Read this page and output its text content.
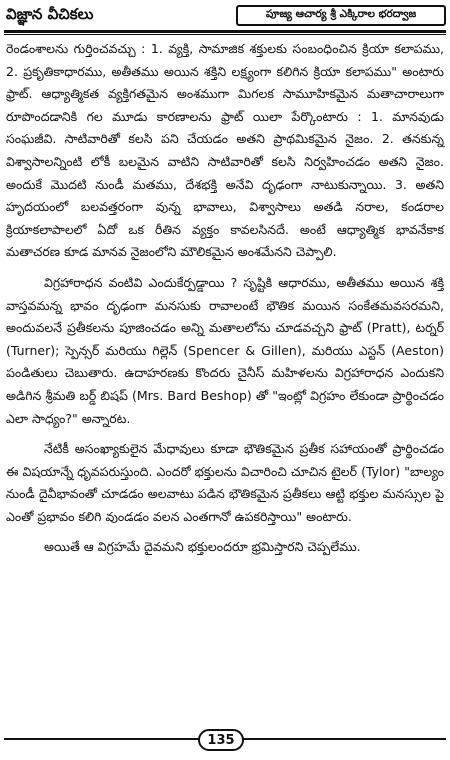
విజ్ఞాన వీచికలు	పూజ్య ఆచార్య శ్రీ ఎక్కిరాల భరద్వాజ

రెండంశాలను గుర్తించవచ్చు : 1. వ్యక్తి, సామాజిక శక్తులకు సంబంధించిన క్రియా కలాపము, 2. ప్రకృతికాధారము, అతీతము అయిన శక్తిని లక్ష్యంగా కలిగిన క్రియా కలాపము" అంటారు ఫ్రాట్. ఆధ్యాత్మికత వ్యక్తిగతమైన అంశముగా మిగలక సామూహికమైన మతాచారాలుగా రూపొందడానికి గల మూడు కారణాలను ఫ్రాట్ యిలా పేర్కొంటారు : 1. మానవుడు సంఘజీవి. సాటివారితో కలసి పని చేయడం అతని ప్రాథమికమైన నైజం. 2. తనకున్న విశ్వాసాలన్నింటి లోకీ బలమైన వాటిని సాటివారితో కలసి నిర్వహించడం అతని నైజం. అందుకే మొదటి నుండీ మతము, దేశభక్తి అనేవి దృఢంగా నాటుకున్నాయి. 3. అతని హృదయంలో బలవత్తరంగా వున్న భావాలు, విశ్వాసాలు అతడి నరాల, కండరాల క్రియాకలాపాలలో ఏదో ఒక రీతిన వ్యక్తం కావలసినదే. అంటే ఆధ్యాత్మిక భావనేకాక మతాచరణ కూడ మానవ నైజంలోని మౌలికమైన అంశమేనని చెప్పాలి.

విగ్రహారాధన వంటివి ఎందుకేర్పడ్డాయి ? సృష్టికి ఆధారము, అతీతము అయిన శక్తి వాస్తవమన్న భావం దృఢంగా మనసుకు రావాలంటే భౌతిక మయిన సంకేతమవసరమని, అందువలనే ప్రతీకలను పూజించడం అన్ని మతాలలోను చూడవచ్చని ఫ్రాట్ (Pratt), టర్నర్ (Turner); స్పెన్సర్ మరియు గిల్లెన్ (Spencer & Gillen), మరియు ఎస్టన్ (Aeston) పండితులు చెబుతారు. ఉదాహరణకు కొందరు చైనీస్ మహిళలను విగ్రహారాధన ఎందుకని అడిగిన శ్రీమతి బర్డ్ బిషప్ (Mrs. Bard Beshop) తో "ఇంట్లో విగ్రహం లేకుండా ప్రార్థించడం ఎలా సాధ్యం?" అన్నారట.

నేటికీ అసంఖ్యాకులైన మేధావులు కూడా భౌతికమైన ప్రతీక సహాయంతో ప్రార్థించడం ఈ విషయాన్నే ధృవపరుస్తుంది. ఎందరో భక్తులను విచారించి చూచిన టైలర్ (Tylor) "బాల్యం నుండీ దైవీభావంతో చూడడం అలవాటు పడిన భౌతికమైన ప్రతీకలు ఆట్టి భక్తుల మనస్సుల పై ఎంతో ప్రభావం కలిగి వుండడం వలన ఎంతగానో ఉపకరిస్తాయి" అంటారు.

అయితే ఆ విగ్రహమే దైవమని భక్తులందరూ భ్రమిస్తారని చెప్పలేము.

135
